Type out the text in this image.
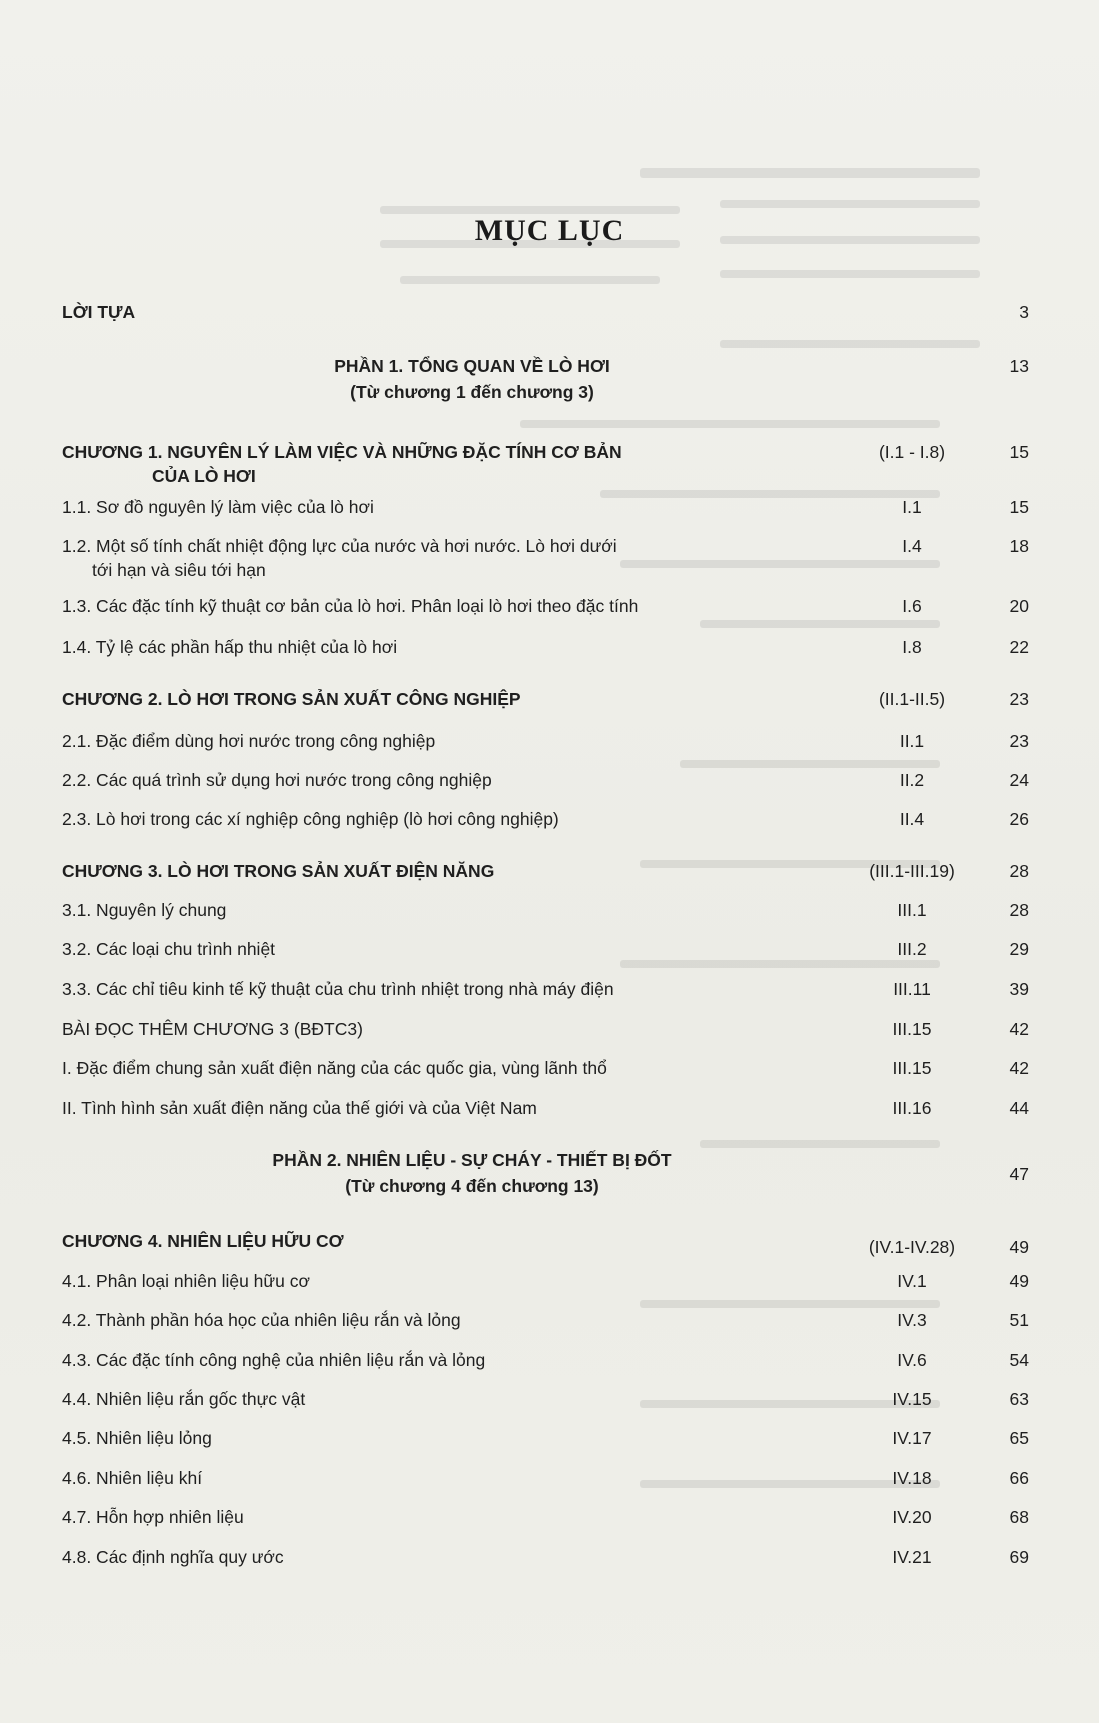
MỤC LỤC
LỜI TỰA	3
PHẦN 1. TỔNG QUAN VỀ LÒ HƠI
(Từ chương 1 đến chương 3)
13
CHƯƠNG 1. NGUYÊN LÝ LÀM VIỆC VÀ NHỮNG ĐẶC TÍNH CƠ BẢN
CỦA LÒ HƠI
(I.1 - I.8)	15
1.1. Sơ đồ nguyên lý làm việc của lò hơi	I.1	15
1.2. Một số tính chất nhiệt động lực của nước và hơi nước. Lò hơi dưới
tới hạn và siêu tới hạn
I.4	18
1.3. Các đặc tính kỹ thuật cơ bản của lò hơi. Phân loại lò hơi theo đặc tính	I.6	20
1.4. Tỷ lệ các phần hấp thu nhiệt của lò hơi	I.8	22
CHƯƠNG 2. LÒ HƠI TRONG SẢN XUẤT CÔNG NGHIỆP	(II.1-II.5)	23
2.1. Đặc điểm dùng hơi nước trong công nghiệp	II.1	23
2.2. Các quá trình sử dụng hơi nước trong công nghiệp	II.2	24
2.3. Lò hơi trong các xí nghiệp công nghiệp (lò hơi công nghiệp)	II.4	26
CHƯƠNG 3. LÒ HƠI TRONG SẢN XUẤT ĐIỆN NĂNG	(III.1-III.19)	28
3.1. Nguyên lý chung	III.1	28
3.2. Các loại chu trình nhiệt	III.2	29
3.3. Các chỉ tiêu kinh tế kỹ thuật của chu trình nhiệt trong nhà máy điện	III.11	39
BÀI ĐỌC THÊM CHƯƠNG 3 (BĐTC3)	III.15	42
I. Đặc điểm chung sản xuất điện năng của các quốc gia, vùng lãnh thổ	III.15	42
II. Tình hình sản xuất điện năng của thế giới và của Việt Nam	III.16	44
PHẦN 2. NHIÊN LIỆU - SỰ CHÁY - THIẾT BỊ ĐỐT
(Từ chương 4 đến chương 13)
47
CHƯƠNG 4. NHIÊN LIỆU HỮU CƠ	(IV.1-IV.28)	49
4.1. Phân loại nhiên liệu hữu cơ	IV.1	49
4.2. Thành phần hóa học của nhiên liệu rắn và lỏng	IV.3	51
4.3. Các đặc tính công nghệ của nhiên liệu rắn và lỏng	IV.6	54
4.4. Nhiên liệu rắn gốc thực vật	IV.15	63
4.5. Nhiên liệu lỏng	IV.17	65
4.6. Nhiên liệu khí	IV.18	66
4.7. Hỗn hợp nhiên liệu	IV.20	68
4.8. Các định nghĩa quy ước	IV.21	69
